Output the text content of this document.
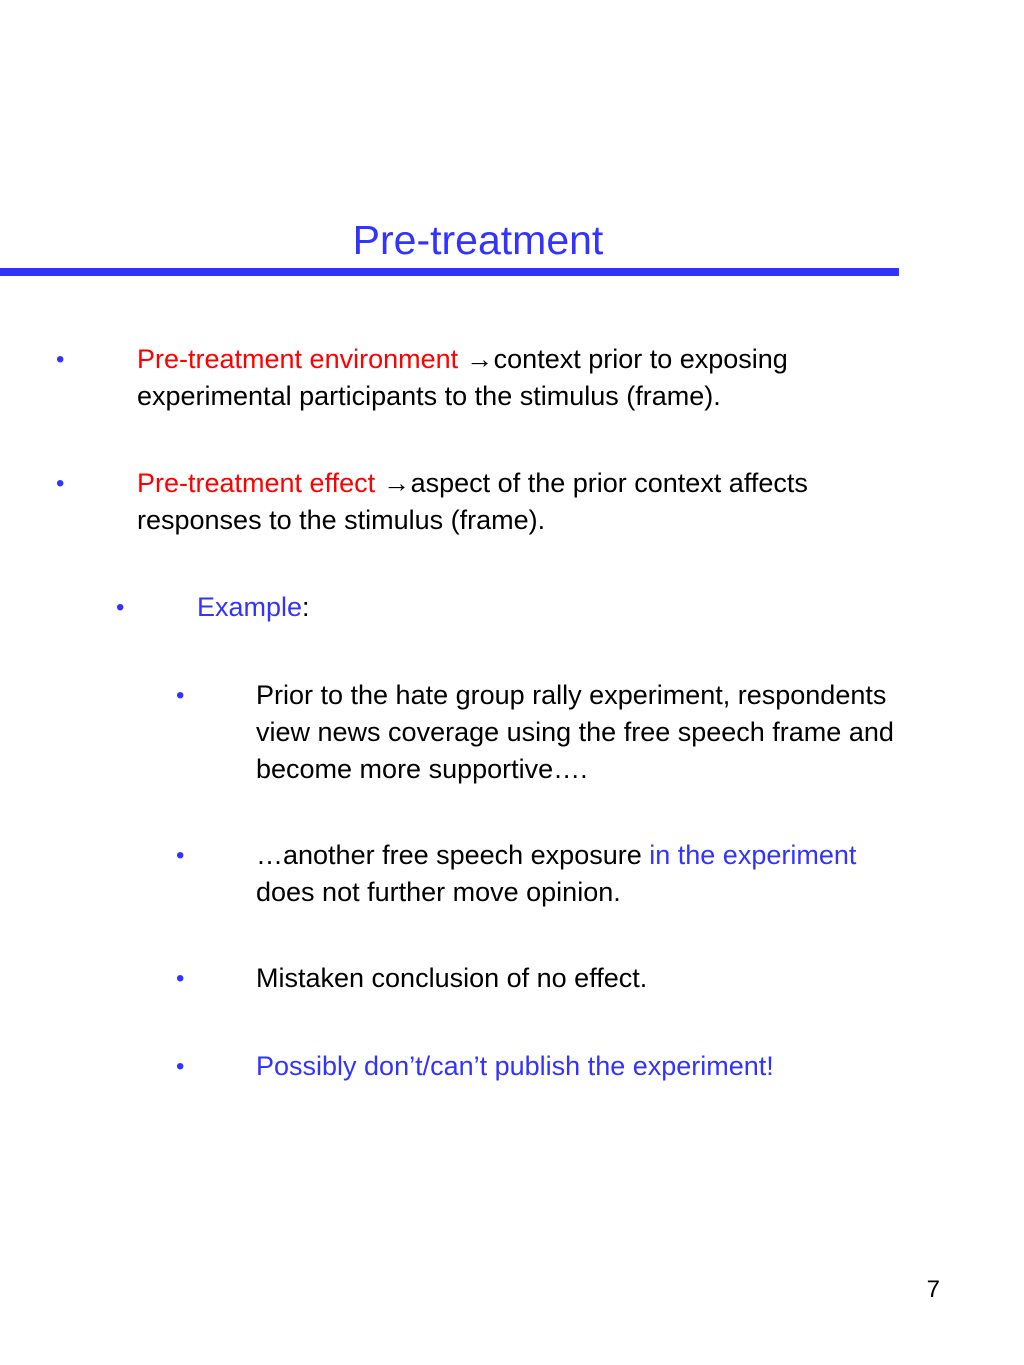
Pre-treatment
•	Pre-treatment environment →context prior to exposing
experimental participants to the stimulus (frame).
•	Pre-treatment effect →aspect of the prior context affects
responses to the stimulus (frame).
•	Example:
•	Prior to the hate group rally experiment, respondents
view news coverage using the free speech frame and
become more supportive….
•	…another free speech exposure in the experiment
does not further move opinion.
•	Mistaken conclusion of no effect.
•	Possibly don’t/can’t publish the experiment!
7
